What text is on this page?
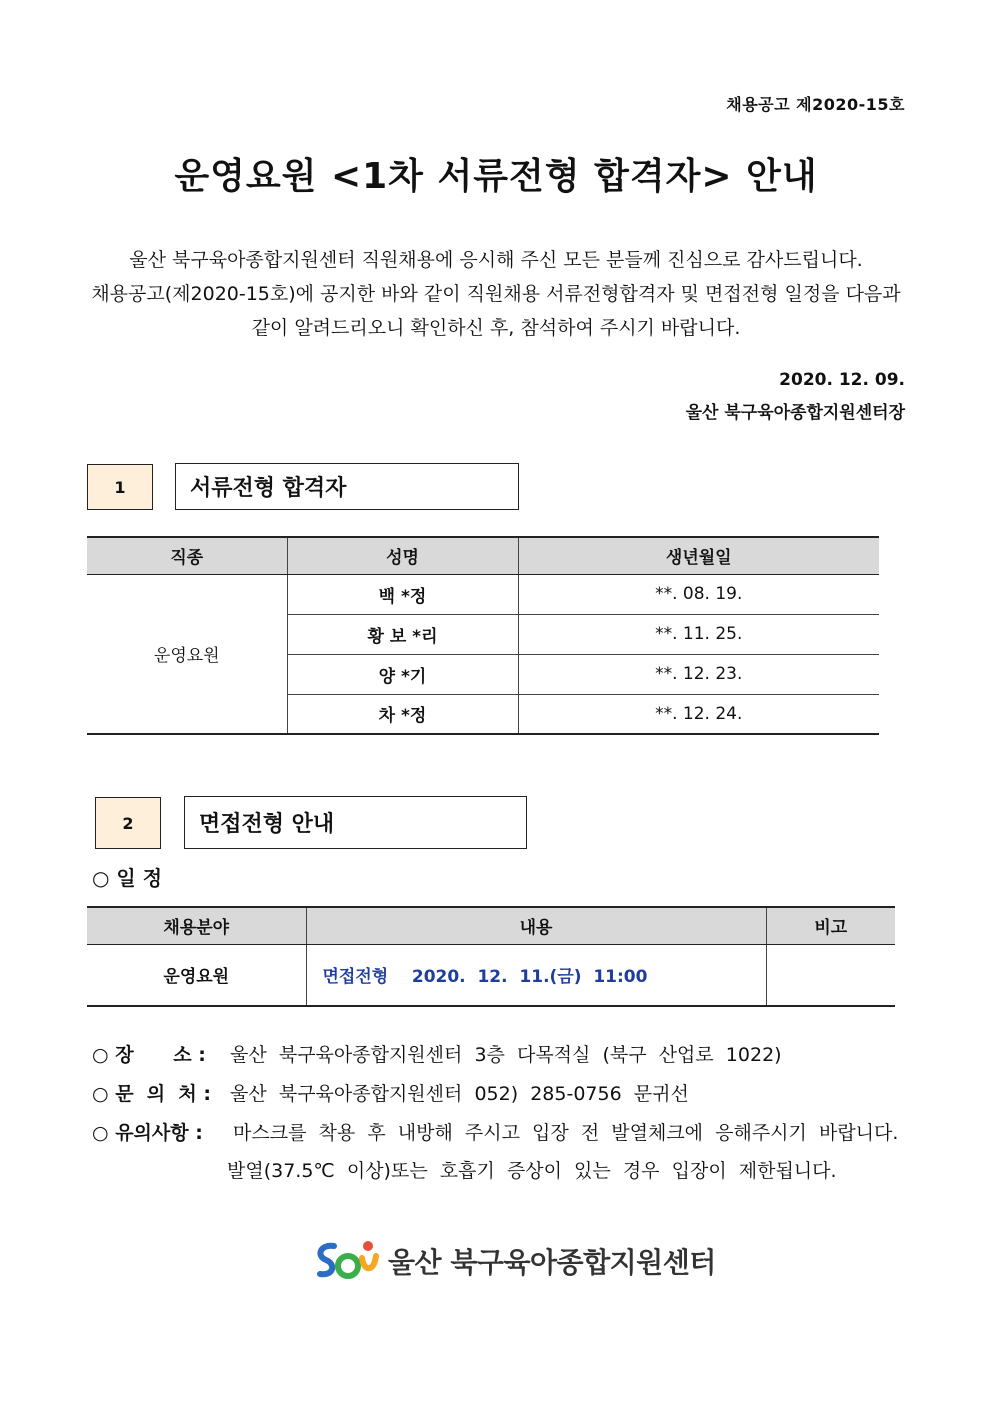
채용공고 제2020-15호
운영요원 <1차 서류전형 합격자> 안내
울산 북구육아종합지원센터 직원채용에 응시해 주신 모든 분들께 진심으로 감사드립니다.
채용공고(제2020-15호)에 공지한 바와 같이 직원채용 서류전형합격자 및 면접전형 일정을 다음과
같이 알려드리오니 확인하신 후, 참석하여 주시기 바랍니다.
2020. 12. 09.
울산 북구육아종합지원센터장
1	서류전형 합격자
직종	성명	생년월일
운영요원	백 *정	**. 08. 19.
	황 보 *리	**. 11. 25.
	양 *기	**. 12. 23.
	차 *정	**. 12. 24.
2	면접전형 안내
○ 일 정
채용분야	내용	비고
운영요원	면접전형    2020.  12.  11.(금)  11:00	
○ 장      소 : 울산  북구육아종합지원센터  3층  다목적실  (북구  산업로  1022)
○ 문  의  처 : 울산  북구육아종합지원센터  052)  285-0756  문귀선
○ 유의사항 : 마스크를  착용  후  내방해  주시고  입장  전  발열체크에  응해주시기  바랍니다.
발열(37.5℃  이상)또는  호흡기  증상이  있는  경우  입장이  제한됩니다.
울산 북구육아종합지원센터
